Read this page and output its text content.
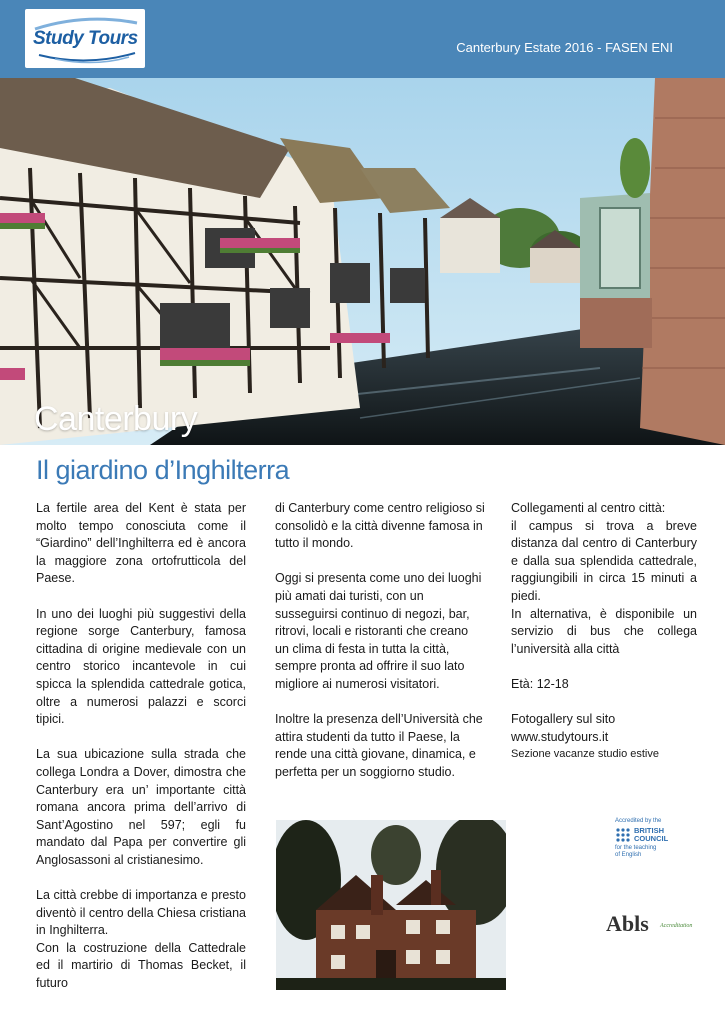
Study Tours	Canterbury Estate 2016 - FASEN ENI
Canterbury
Il giardino d’Inghilterra

La fertile area del Kent è stata per molto tempo conosciuta come il “Giardino” dell’Inghilterra ed è ancora la maggiore zona ortofrutticola del Paese.

In uno dei luoghi più suggestivi della regione sorge Canterbury, famosa cittadina di origine medievale con un centro storico incantevole in cui spicca la splendida cattedrale gotica, oltre a numerosi palazzi e scorci tipici.

La sua ubicazione sulla strada che collega Londra a Dover, dimostra che Canterbury era un’ importante città romana ancora prima dell’arrivo di Sant’Agostino nel 597; egli fu mandato dal Papa per convertire gli Anglosassoni al cristianesimo.

La città crebbe di importanza e presto diventò il centro della Chiesa cristiana in Inghilterra.

Con la costruzione della Cattedrale ed il martirio di Thomas Becket, il futuro

di Canterbury come centro religioso si consolidò e la città divenne famosa in tutto il mondo.

Oggi si presenta come uno dei luoghi più amati dai turisti, con un susseguirsi continuo di negozi, bar, ritrovi, locali e ristoranti che creano un clima di festa in tutta la città, sempre pronta ad offrire il suo lato migliore ai numerosi visitatori.

Inoltre la presenza dell’Università che attira studenti da tutto il Paese, la rende una città giovane, dinamica, e perfetta per un soggiorno studio.

Collegamenti al centro città:

il campus si trova a breve distanza dal centro di Canterbury e dalla sua splendida cattedrale, raggiungibili in circa 15 minuti a piedi.

In alternativa, è disponibile un servizio di bus che collega l’università alla città

Età: 12-18

Fotogallery sul sito

www.studytours.it

Sezione vacanze studio estive

Accredited by the
BRITISH
COUNCIL
for the teaching
of English
Abls Accreditation
